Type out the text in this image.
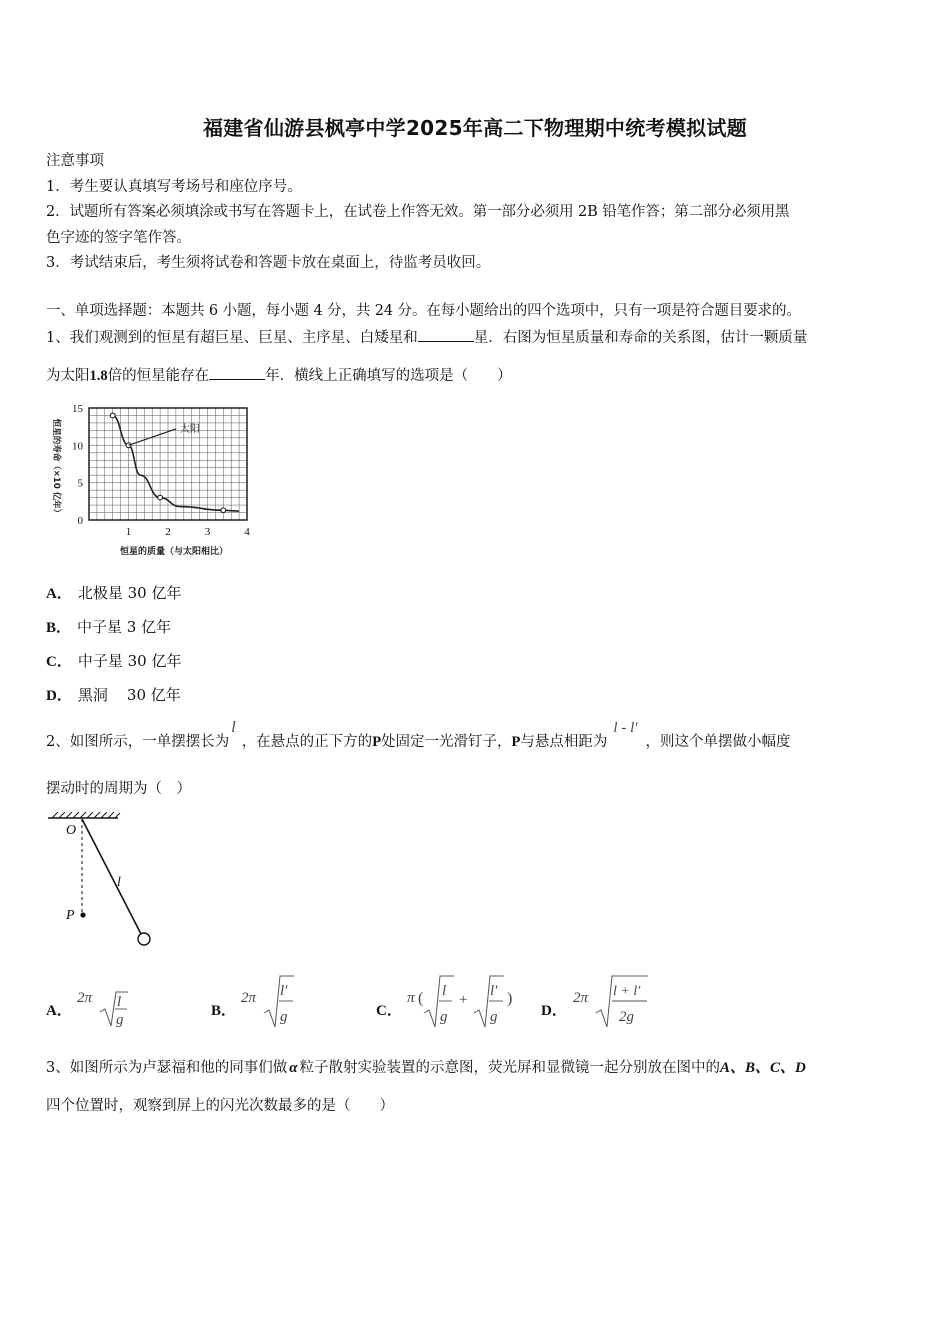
福建省仙游县枫亭中学2025年高二下物理期中统考模拟试题
注意事项
1．考生要认真填写考场号和座位序号。
2．试题所有答案必须填涂或书写在答题卡上，在试卷上作答无效。第一部分必须用 2B 铅笔作答；第二部分必须用黑
色字迹的签字笔作答。
3．考试结束后，考生须将试卷和答题卡放在桌面上，待监考员收回。
一、单项选择题：本题共 6 小题，每小题 4 分，共 24 分。在每小题给出的四个选项中，只有一项是符合题目要求的。
1、我们观测到的恒星有超巨星、巨星、主序星、白矮星和	星．右图为恒星质量和寿命的关系图，估计一颗质量
为太阳1.8倍的恒星能存在	年．横线上正确填写的选项是（　　）
1	2	3	4
15
10
5
0
太阳
恒星的寿命（×10 亿年）
恒星的质量（与太阳相比）
A． 北极星 30 亿年
B． 中子星 3 亿年
C． 中子星 30 亿年
D． 黑洞    30 亿年
2、如图所示，一单摆摆长为l，在悬点的正下方的P处固定一光滑钉子，P与悬点相距为l - l′，则这个单摆做小幅度
摆动时的周期为（　）
O
l
P
A．
2π l
g
B．
2π l′
g	C．
π ( l
g
+
l′
g
)
D．
2π l + l′
2g
3、如图所示为卢瑟福和他的同事们做 α 粒子散射实验装置的示意图，荧光屏和显微镜一起分别放在图中的A、B、C、D
四个位置时，观察到屏上的闪光次数最多的是（　　）
